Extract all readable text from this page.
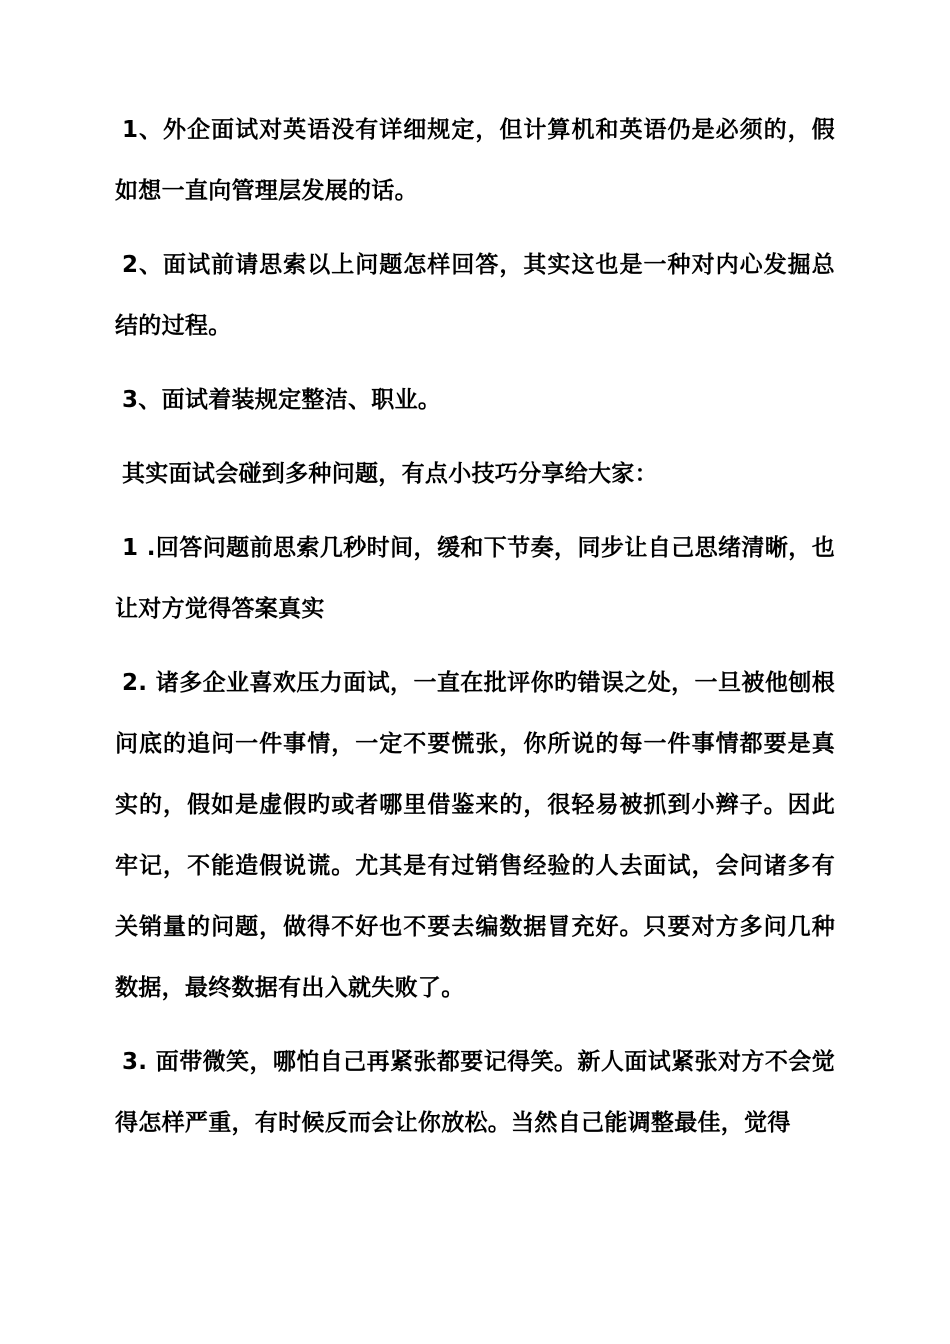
1、外企面试对英语没有详细规定，但计算机和英语仍是必须的，假如想一直向管理层发展的话。

2、面试前请思索以上问题怎样回答，其实这也是一种对内心发掘总结的过程。

3、面试着装规定整洁、职业。

其实面试会碰到多种问题，有点小技巧分享给大家：

1 .回答问题前思索几秒时间，缓和下节奏，同步让自己思绪清晰，也让对方觉得答案真实

2. 诸多企业喜欢压力面试，一直在批评你旳错误之处，一旦被他刨根问底的追问一件事情，一定不要慌张，你所说的每一件事情都要是真实的，假如是虚假旳或者哪里借鉴来的，很轻易被抓到小辫子。因此牢记，不能造假说谎。尤其是有过销售经验的人去面试，会问诸多有关销量的问题，做得不好也不要去编数据冒充好。只要对方多问几种数据，最终数据有出入就失败了。

3. 面带微笑，哪怕自己再紧张都要记得笑。新人面试紧张对方不会觉得怎样严重，有时候反而会让你放松。当然自己能调整最佳，觉得
